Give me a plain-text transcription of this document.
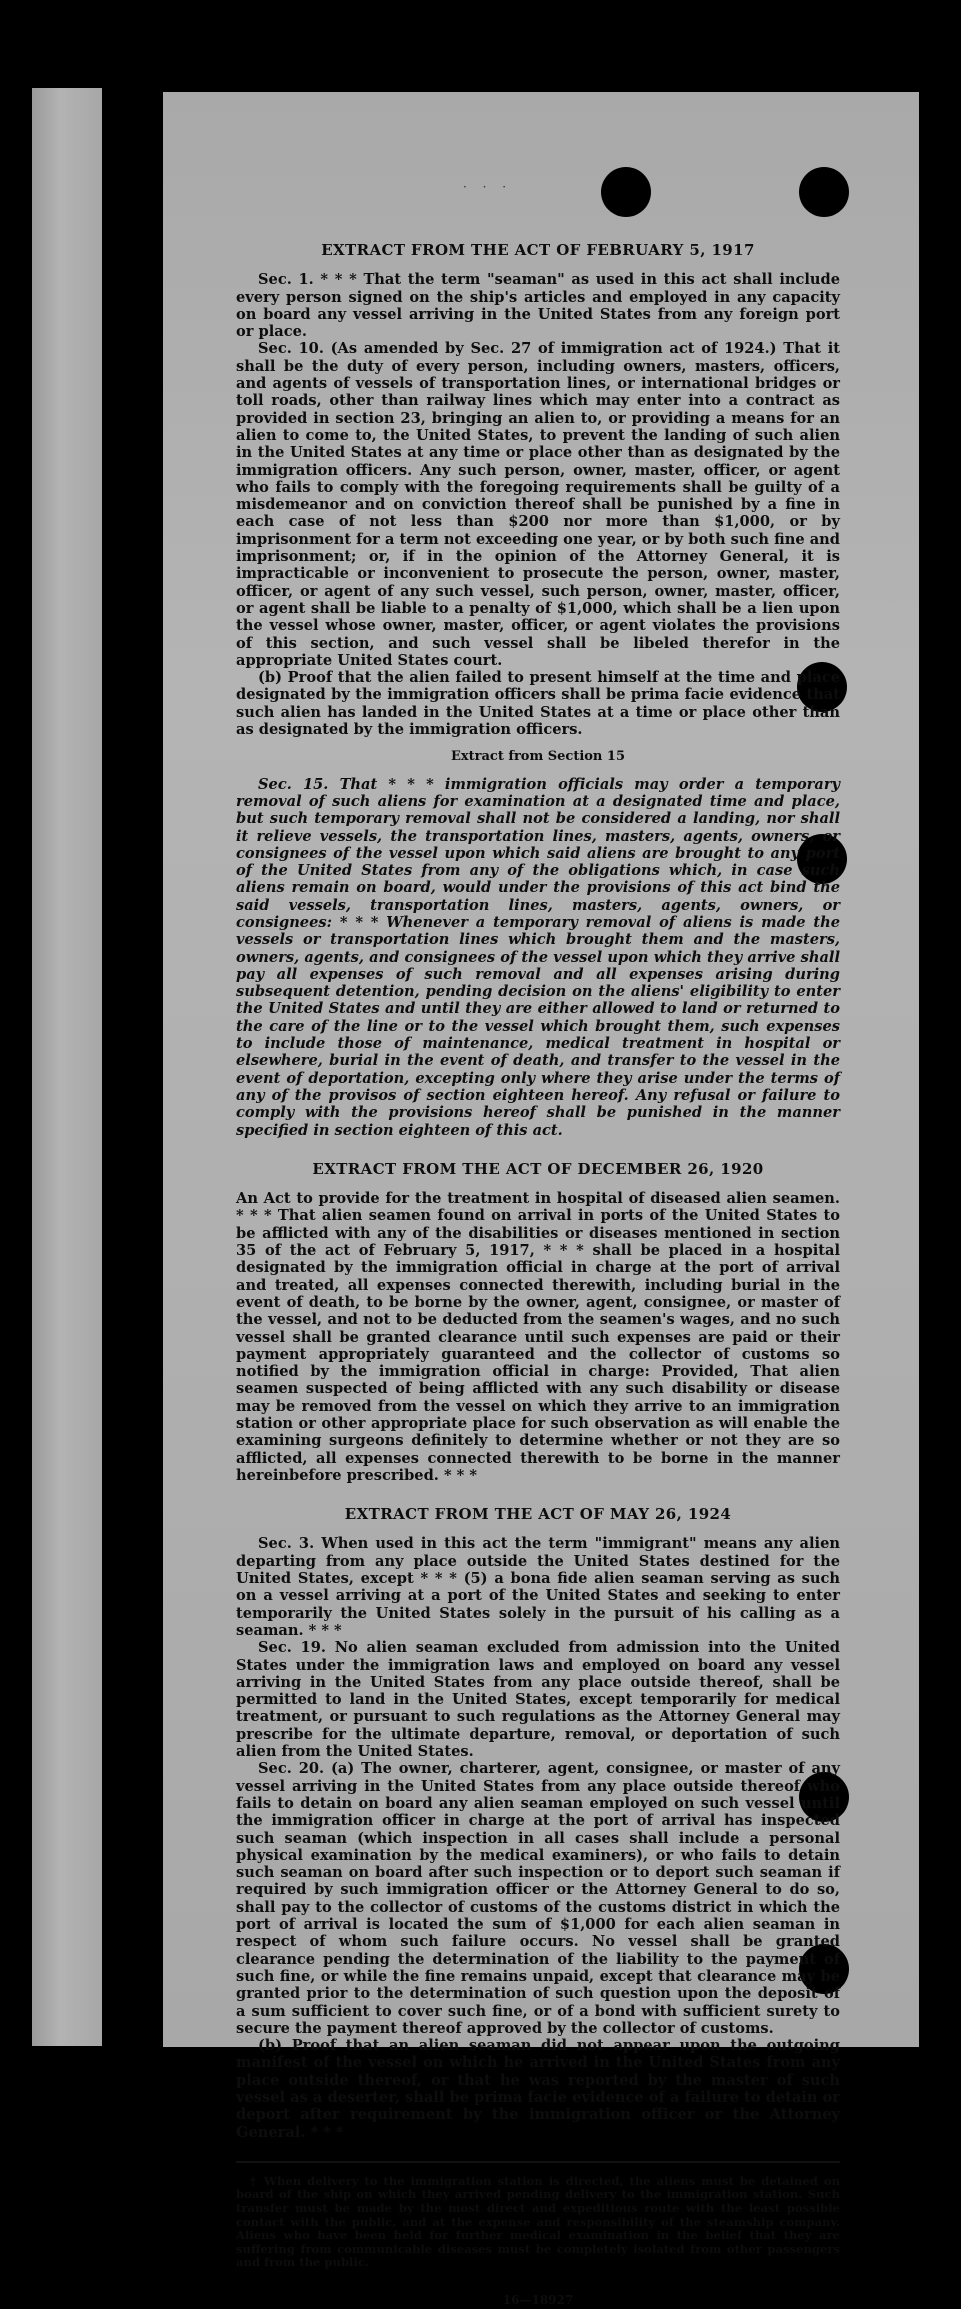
· · ·
EXTRACT FROM THE ACT OF FEBRUARY 5, 1917

Sec. 1. * * * That the term "seaman" as used in this act shall include every person signed on the ship's articles and employed in any capacity on board any vessel arriving in the United States from any foreign port or place.

Sec. 10. (As amended by Sec. 27 of immigration act of 1924.) That it shall be the duty of every person, including owners, masters, officers, and agents of vessels of transportation lines, or international bridges or toll roads, other than railway lines which may enter into a contract as provided in section 23, bringing an alien to, or providing a means for an alien to come to, the United States, to prevent the landing of such alien in the United States at any time or place other than as designated by the immigration officers. Any such person, owner, master, officer, or agent who fails to comply with the foregoing requirements shall be guilty of a misdemeanor and on conviction thereof shall be punished by a fine in each case of not less than $200 nor more than $1,000, or by imprisonment for a term not exceeding one year, or by both such fine and imprisonment; or, if in the opinion of the Attorney General, it is impracticable or inconvenient to prosecute the person, owner, master, officer, or agent of any such vessel, such person, owner, master, officer, or agent shall be liable to a penalty of $1,000, which shall be a lien upon the vessel whose owner, master, officer, or agent violates the provisions of this section, and such vessel shall be libeled therefor in the appropriate United States court.

(b) Proof that the alien failed to present himself at the time and place designated by the immigration officers shall be prima facie evidence that such alien has landed in the United States at a time or place other than as designated by the immigration officers.

Extract from Section 15

Sec. 15. That * * * immigration officials may order a temporary removal of such aliens for examination at a designated time and place, but such temporary removal shall not be considered a landing, nor shall it relieve vessels, the transportation lines, masters, agents, owners, or consignees of the vessel upon which said aliens are brought to any port of the United States from any of the obligations which, in case such aliens remain on board, would under the provisions of this act bind the said vessels, transportation lines, masters, agents, owners, or consignees: * * * Whenever a temporary removal of aliens is made the vessels or transportation lines which brought them and the masters, owners, agents, and consignees of the vessel upon which they arrive shall pay all expenses of such removal and all expenses arising during subsequent detention, pending decision on the aliens' eligibility to enter the United States and until they are either allowed to land or returned to the care of the line or to the vessel which brought them, such expenses to include those of maintenance, medical treatment in hospital or elsewhere, burial in the event of death, and transfer to the vessel in the event of deportation, excepting only where they arise under the terms of any of the provisos of section eighteen hereof. Any refusal or failure to comply with the provisions hereof shall be punished in the manner specified in section eighteen of this act.

EXTRACT FROM THE ACT OF DECEMBER 26, 1920

An Act to provide for the treatment in hospital of diseased alien seamen. * * * That alien seamen found on arrival in ports of the United States to be afflicted with any of the disabilities or diseases mentioned in section 35 of the act of February 5, 1917, * * * shall be placed in a hospital designated by the immigration official in charge at the port of arrival and treated, all expenses connected therewith, including burial in the event of death, to be borne by the owner, agent, consignee, or master of the vessel, and not to be deducted from the seamen's wages, and no such vessel shall be granted clearance until such expenses are paid or their payment appropriately guaranteed and the collector of customs so notified by the immigration official in charge: Provided, That alien seamen suspected of being afflicted with any such disability or disease may be removed from the vessel on which they arrive to an immigration station or other appropriate place for such observation as will enable the examining surgeons definitely to determine whether or not they are so afflicted, all expenses connected therewith to be borne in the manner hereinbefore prescribed. * * *

EXTRACT FROM THE ACT OF MAY 26, 1924

Sec. 3. When used in this act the term "immigrant" means any alien departing from any place outside the United States destined for the United States, except * * * (5) a bona fide alien seaman serving as such on a vessel arriving at a port of the United States and seeking to enter temporarily the United States solely in the pursuit of his calling as a seaman. * * *

Sec. 19. No alien seaman excluded from admission into the United States under the immigration laws and employed on board any vessel arriving in the United States from any place outside thereof, shall be permitted to land in the United States, except temporarily for medical treatment, or pursuant to such regulations as the Attorney General may prescribe for the ultimate departure, removal, or deportation of such alien from the United States.

Sec. 20. (a) The owner, charterer, agent, consignee, or master of any vessel arriving in the United States from any place outside thereof who fails to detain on board any alien seaman employed on such vessel until the immigration officer in charge at the port of arrival has inspected such seaman (which inspection in all cases shall include a personal physical examination by the medical examiners), or who fails to detain such seaman on board after such inspection or to deport such seaman if required by such immigration officer or the Attorney General to do so, shall pay to the collector of customs of the customs district in which the port of arrival is located the sum of $1,000 for each alien seaman in respect of whom such failure occurs. No vessel shall be granted clearance pending the determination of the liability to the payment of such fine, or while the fine remains unpaid, except that clearance may be granted prior to the determination of such question upon the deposit of a sum sufficient to cover such fine, or of a bond with sufficient surety to secure the payment thereof approved by the collector of customs.

(b) Proof that an alien seaman did not appear upon the outgoing manifest of the vessel on which he arrived in the United States from any place outside thereof, or that he was reported by the master of such vessel as a deserter, shall be prima facie evidence of a failure to detain or deport after requirement by the immigration officer or the Attorney General. * * *

† When delivery to the immigration station is directed, the aliens must be detained on board of the ship on which they arrived pending delivery to the immigration station. Such transfer must be made by the most direct and expeditious route with the least possible contact with the public, and at the expense and responsibility of the steamship company. Aliens who have been held for further medical examination in the belief that they are suffering from communicable diseases must be completely isolated from other passengers and from the public.
16—18927
